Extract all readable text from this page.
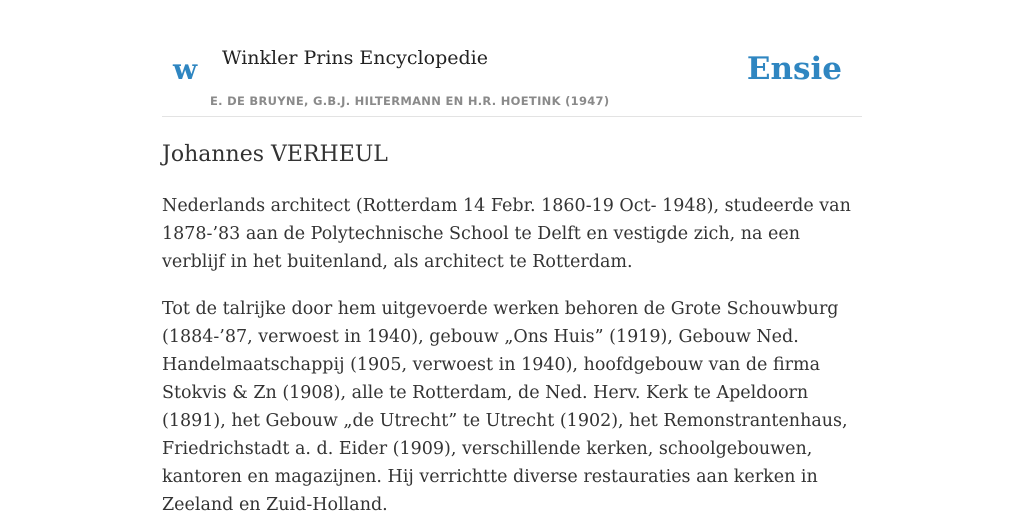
w Winkler Prins Encyclopedie
E. DE BRUYNE, G.B.J. HILTERMANN EN H.R. HOETINK (1947)
Ensie
Johannes VERHEUL

Nederlands architect (Rotterdam 14 Febr. 1860-19 Oct- 1948), studeerde van 1878-’83 aan de Polytechnische School te Delft en vestigde zich, na een verblijf in het buitenland, als architect te Rotterdam.

Tot de talrijke door hem uitgevoerde werken behoren de Grote Schouwburg (1884-’87, verwoest in 1940), gebouw „Ons Huis” (1919), Gebouw Ned. Handelmaatschappij (1905, verwoest in 1940), hoofdgebouw van de firma Stokvis & Zn (1908), alle te Rotterdam, de Ned. Herv. Kerk te Apeldoorn (1891), het Gebouw „de Utrecht” te Utrecht (1902), het Remonstrantenhaus, Friedrichstadt a. d. Eider (1909), verschillende kerken, schoolgebouwen, kantoren en magazijnen. Hij verrichtte diverse restauraties aan kerken in Zeeland en Zuid-Holland.
